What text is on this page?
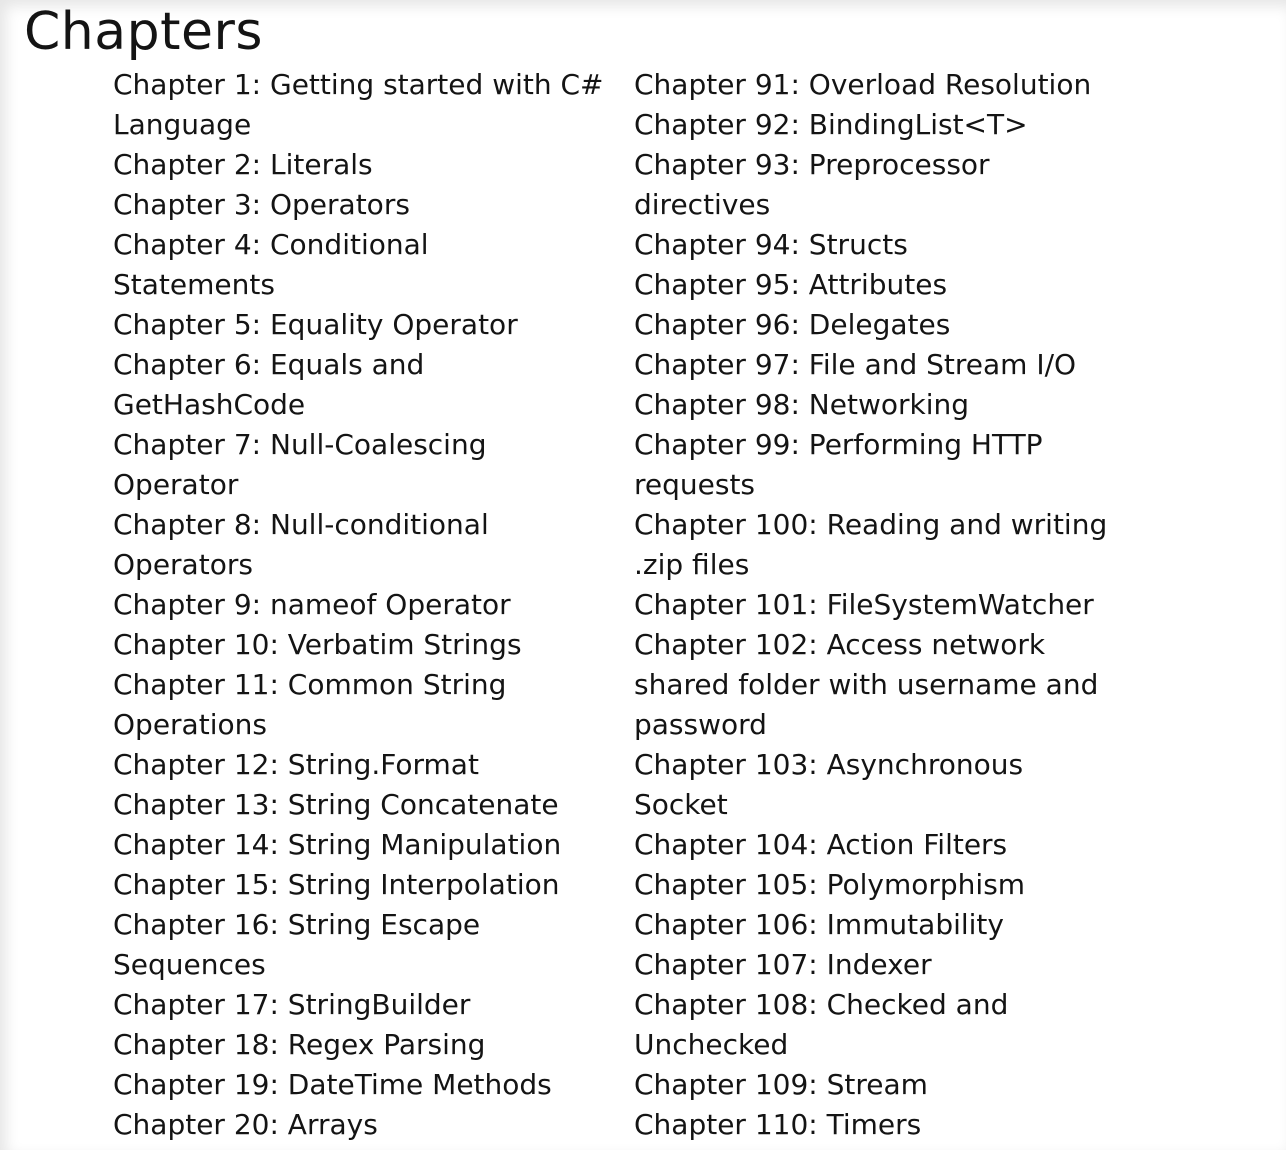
Chapters
Chapter 1: Getting started with C#
Language
Chapter 2: Literals
Chapter 3: Operators
Chapter 4: Conditional
Statements
Chapter 5: Equality Operator
Chapter 6: Equals and
GetHashCode
Chapter 7: Null-Coalescing
Operator
Chapter 8: Null-conditional
Operators
Chapter 9: nameof Operator
Chapter 10: Verbatim Strings
Chapter 11: Common String
Operations
Chapter 12: String.Format
Chapter 13: String Concatenate
Chapter 14: String Manipulation
Chapter 15: String Interpolation
Chapter 16: String Escape
Sequences
Chapter 17: StringBuilder
Chapter 18: Regex Parsing
Chapter 19: DateTime Methods
Chapter 20: Arrays
Chapter 91: Overload Resolution
Chapter 92: BindingList<T>
Chapter 93: Preprocessor
directives
Chapter 94: Structs
Chapter 95: Attributes
Chapter 96: Delegates
Chapter 97: File and Stream I/O
Chapter 98: Networking
Chapter 99: Performing HTTP
requests
Chapter 100: Reading and writing
.zip files
Chapter 101: FileSystemWatcher
Chapter 102: Access network
shared folder with username and
password
Chapter 103: Asynchronous
Socket
Chapter 104: Action Filters
Chapter 105: Polymorphism
Chapter 106: Immutability
Chapter 107: Indexer
Chapter 108: Checked and
Unchecked
Chapter 109: Stream
Chapter 110: Timers
